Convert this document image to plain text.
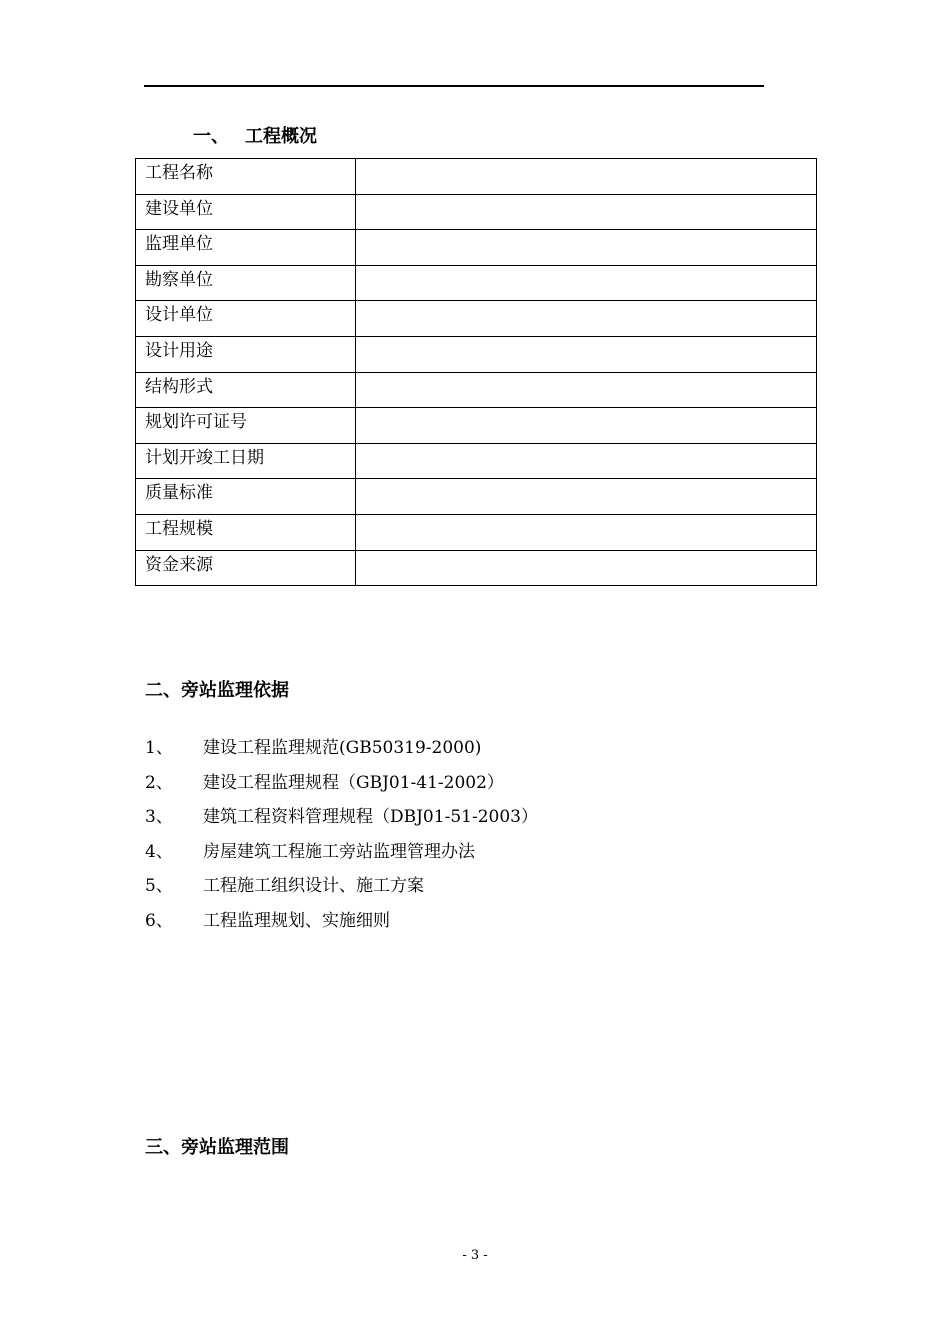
一、 工程概况
工程名称	
建设单位	
监理单位	
勘察单位	
设计单位	
设计用途	
结构形式	
规划许可证号	
计划开竣工日期	
质量标准	
工程规模	
资金来源	
二、旁站监理依据
1、 建设工程监理规范(GB50319-2000)
2、 建设工程监理规程（GBJ01-41-2002）
3、 建筑工程资料管理规程（DBJ01-51-2003）
4、 房屋建筑工程施工旁站监理管理办法
5、 工程施工组织设计、施工方案
6、 工程监理规划、实施细则
三、旁站监理范围
- 3 -
